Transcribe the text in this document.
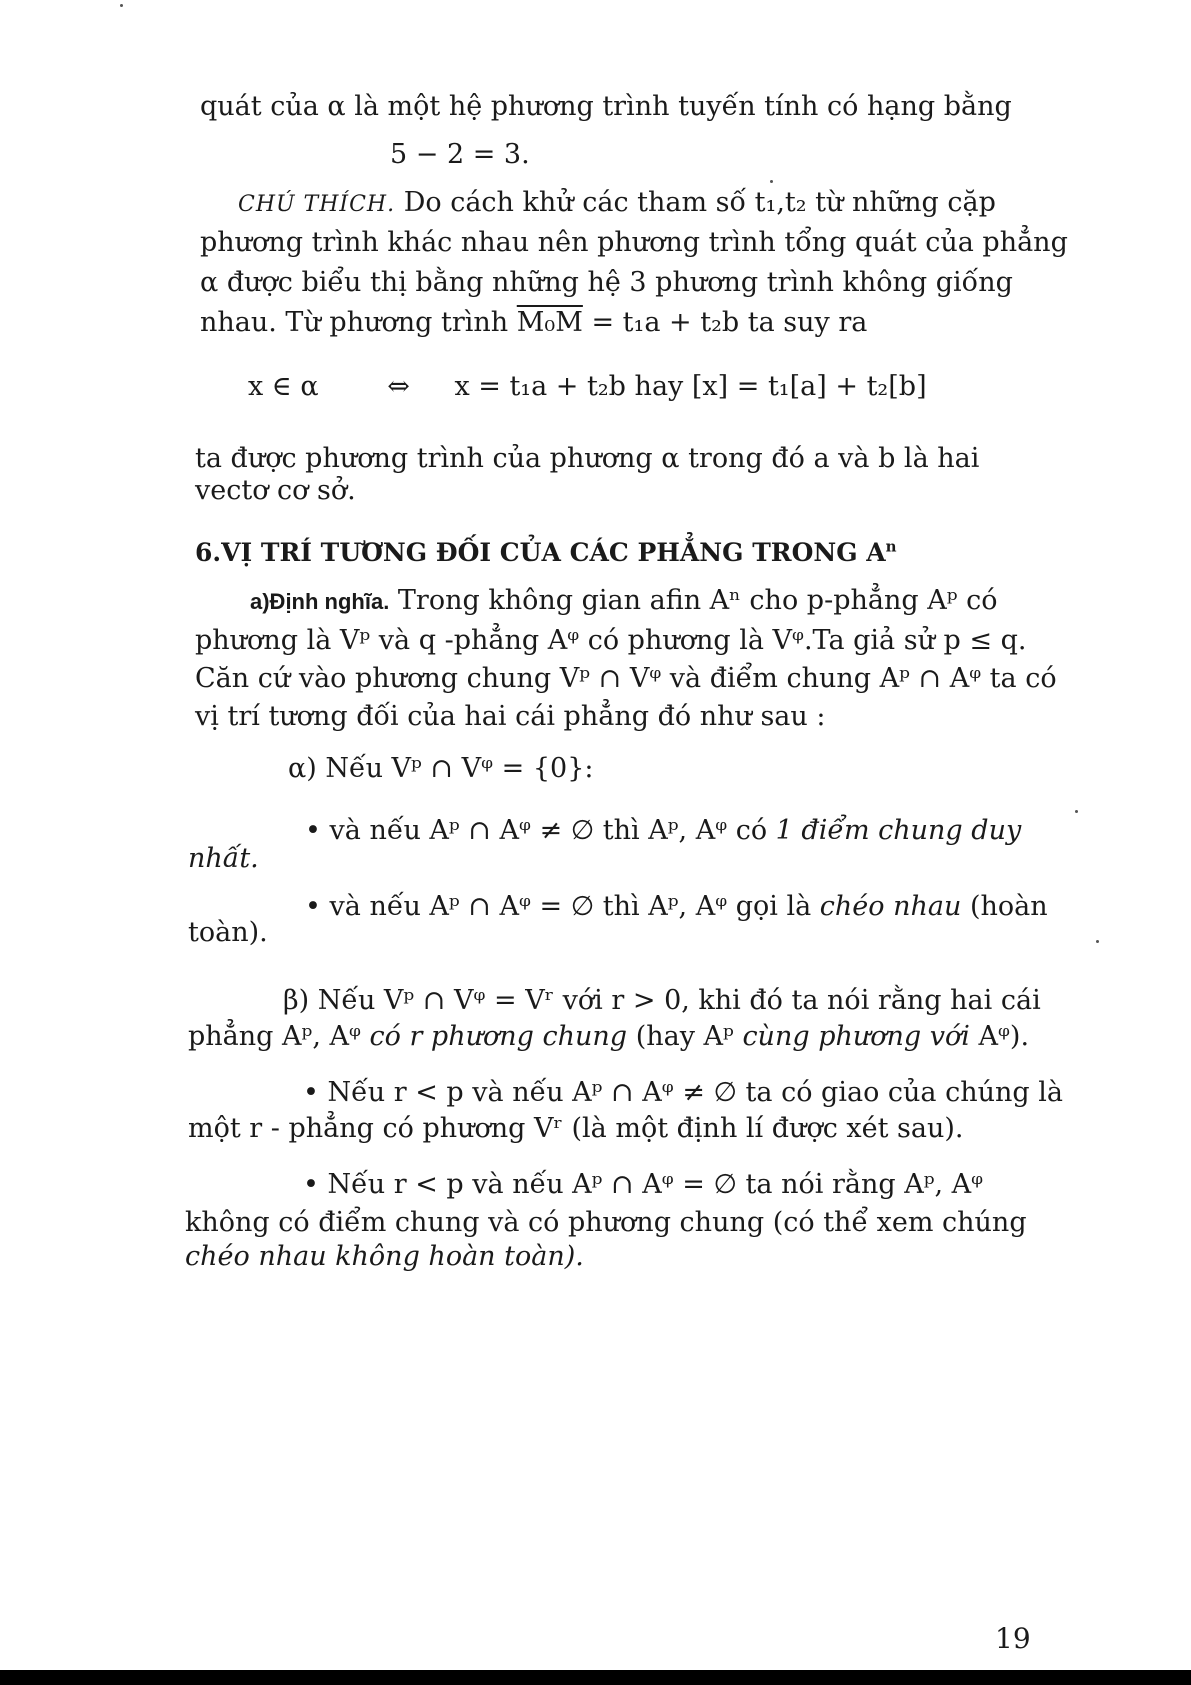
quát của α là một hệ phương trình tuyến tính có hạng bằng
5 − 2 = 3.
CHÚ THÍCH. Do cách khử các tham số t₁,t₂ từ những cặp
phương trình khác nhau nên phương trình tổng quát của phẳng
α được biểu thị bằng những hệ 3 phương trình không giống
nhau. Từ phương trình M₀M = t₁a + t₂b ta suy ra
x ∈ α	⇔ x = t₁a + t₂b hay [x] = t₁[a] + t₂[b]
ta được phương trình của phương α trong đó a và b là hai
vectơ cơ sở.
6.VỊ TRÍ TƯƠNG ĐỐI CỦA CÁC PHẲNG TRONG $A^n$
a)Định nghĩa. Trong không gian afin Aⁿ cho p-phẳng Aᵖ có
phương là Vᵖ và q -phẳng Aᵠ có phương là Vᵠ.Ta giả sử p ≤ q.
Căn cứ vào phương chung Vᵖ ∩ Vᵠ và điểm chung Aᵖ ∩ Aᵠ ta có
vị trí tương đối của hai cái phẳng đó như sau :
α) Nếu Vᵖ ∩ Vᵠ = {0}:
• và nếu Aᵖ ∩ Aᵠ ≠ ∅ thì Aᵖ, Aᵠ có 1 điểm chung duy
nhất.
• và nếu Aᵖ ∩ Aᵠ = ∅ thì Aᵖ, Aᵠ gọi là chéo nhau (hoàn
toàn).
β) Nếu Vᵖ ∩ Vᵠ = Vʳ với r > 0, khi đó ta nói rằng hai cái
phẳng Aᵖ, Aᵠ có r phương chung (hay Aᵖ cùng phương với Aᵠ).
• Nếu r < p và nếu Aᵖ ∩ Aᵠ ≠ ∅ ta có giao của chúng là
một r - phẳng có phương Vʳ (là một định lí được xét sau).
• Nếu r < p và nếu Aᵖ ∩ Aᵠ = ∅ ta nói rằng Aᵖ, Aᵠ
không có điểm chung và có phương chung (có thể xem chúng
chéo nhau không hoàn toàn).
19
